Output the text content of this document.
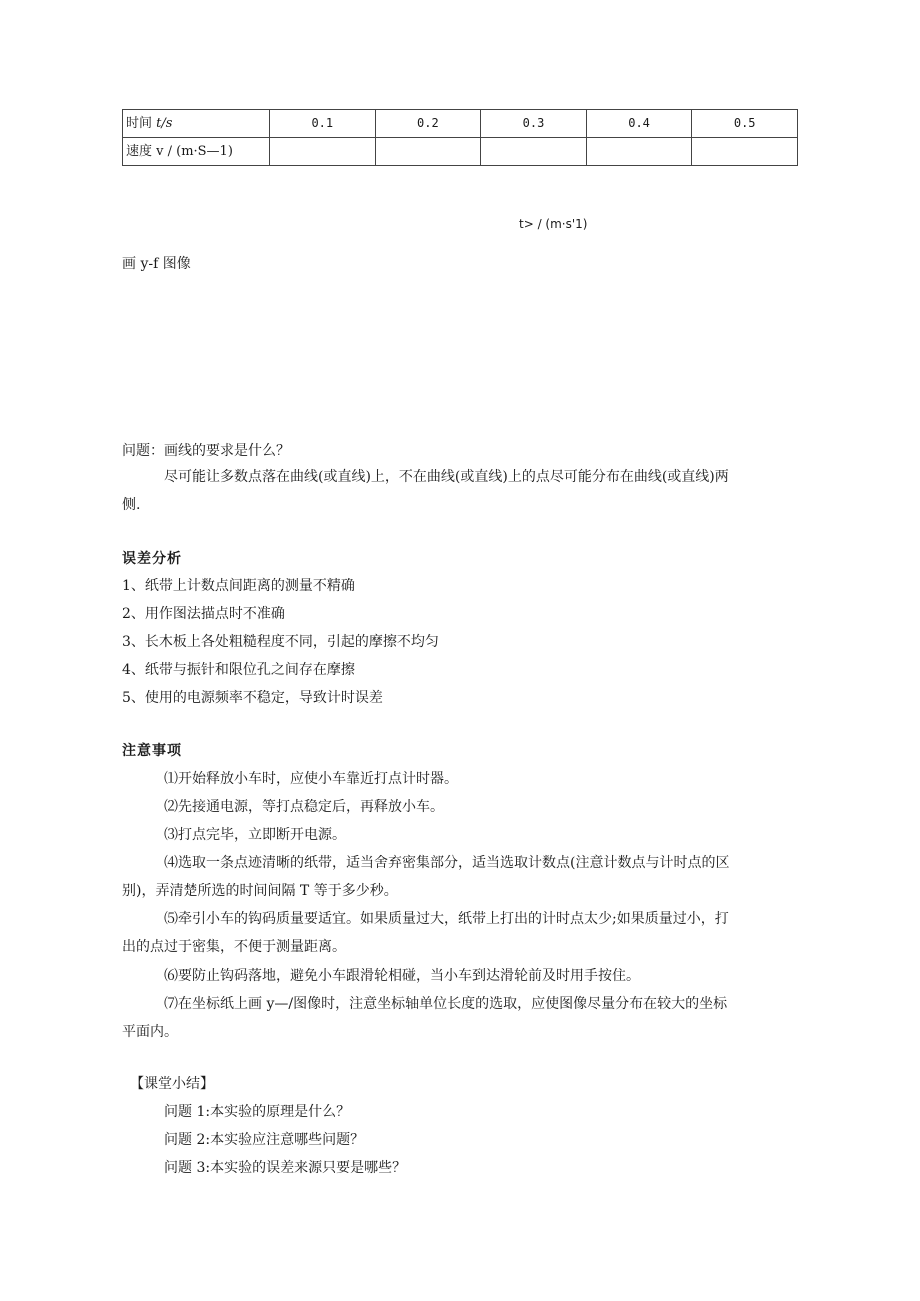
时间 t/s	0.1	0.2	0.3	0.4	0.5
速度 v / (m·S—1)					
t> / (m·s'1)
画 y-f 图像
问题：画线的要求是什么？
尽可能让多数点落在曲线(或直线)上，不在曲线(或直线)上的点尽可能分布在曲线(或直线)两
侧.
误差分析
1、纸带上计数点间距离的测量不精确
2、用作图法描点时不准确
3、长木板上各处粗糙程度不同，引起的摩擦不均匀
4、纸带与振针和限位孔之间存在摩擦
5、使用的电源频率不稳定，导致计时误差
注意事项
⑴开始释放小车时，应使小车靠近打点计时器。
⑵先接通电源，等打点稳定后，再释放小车。
⑶打点完毕，立即断开电源。
⑷选取一条点迹清晰的纸带，适当舍弃密集部分，适当选取计数点(注意计数点与计时点的区
别)，弄清楚所选的时间间隔 T 等于多少秒。
⑸牵引小车的钩码质量要适宜。如果质量过大，纸带上打出的计时点太少;如果质量过小，打
出的点过于密集，不便于测量距离。
⑹要防止钩码落地，避免小车跟滑轮相碰，当小车到达滑轮前及时用手按住。
⑺在坐标纸上画 y—/图像时，注意坐标轴单位长度的选取，应使图像尽量分布在较大的坐标
平面内。
【课堂小结】
问题 1:本实验的原理是什么？
问题 2:本实验应注意哪些问题？
问题 3:本实验的误差来源只要是哪些？
